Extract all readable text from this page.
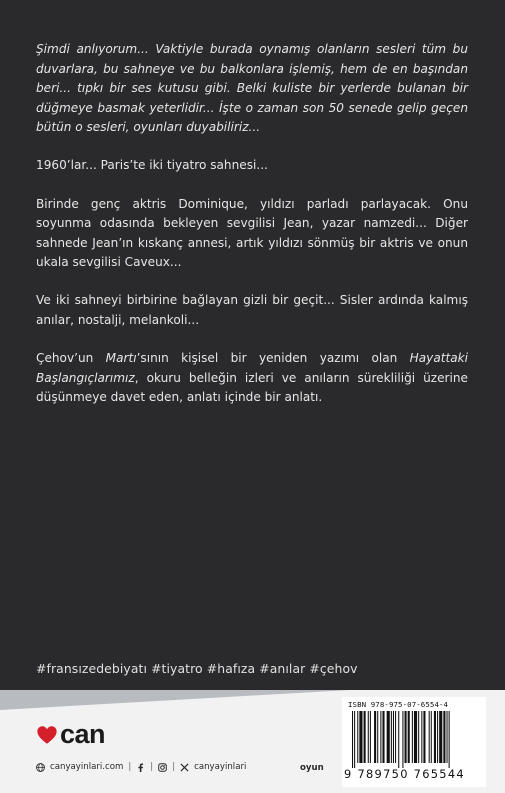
Şimdi anlıyorum... Vaktiyle burada oynamış olanların sesleri tüm bu duvarlara, bu sahneye ve bu balkonlara işlemiş, hem de en başından beri... tıpkı bir ses kutusu gibi. Belki kuliste bir yerlerde bulanan bir düğmeye basmak yeterlidir... İşte o zaman son 50 senede gelip geçen bütün o sesleri, oyunları duyabiliriz...

1960’lar... Paris’te iki tiyatro sahnesi...

Birinde genç aktris Dominique, yıldızı parladı parlayacak. Onu soyunma odasında bekleyen sevgilisi Jean, yazar namzedi... Diğer sahnede Jean’ın kıskanç annesi, artık yıldızı sönmüş bir aktris ve onun ukala sevgilisi Caveux...

Ve iki sahneyi birbirine bağlayan gizli bir geçit... Sisler ardında kalmış anılar, nostalji, melankoli...

Çehov’un Martı’sının kişisel bir yeniden yazımı olan Hayattaki Başlangıçlarımız, okuru belleğin izleri ve anıların sürekliliği üzerine düşünmeye davet eden, anlatı içinde bir anlatı.

#fransızedebiyatı #tiyatro #hafıza #anılar #çehov
can
canyayinlari.com | | | canyayinlari	oyun
ISBN 978-975-07-6554-4
9 789750 765544
